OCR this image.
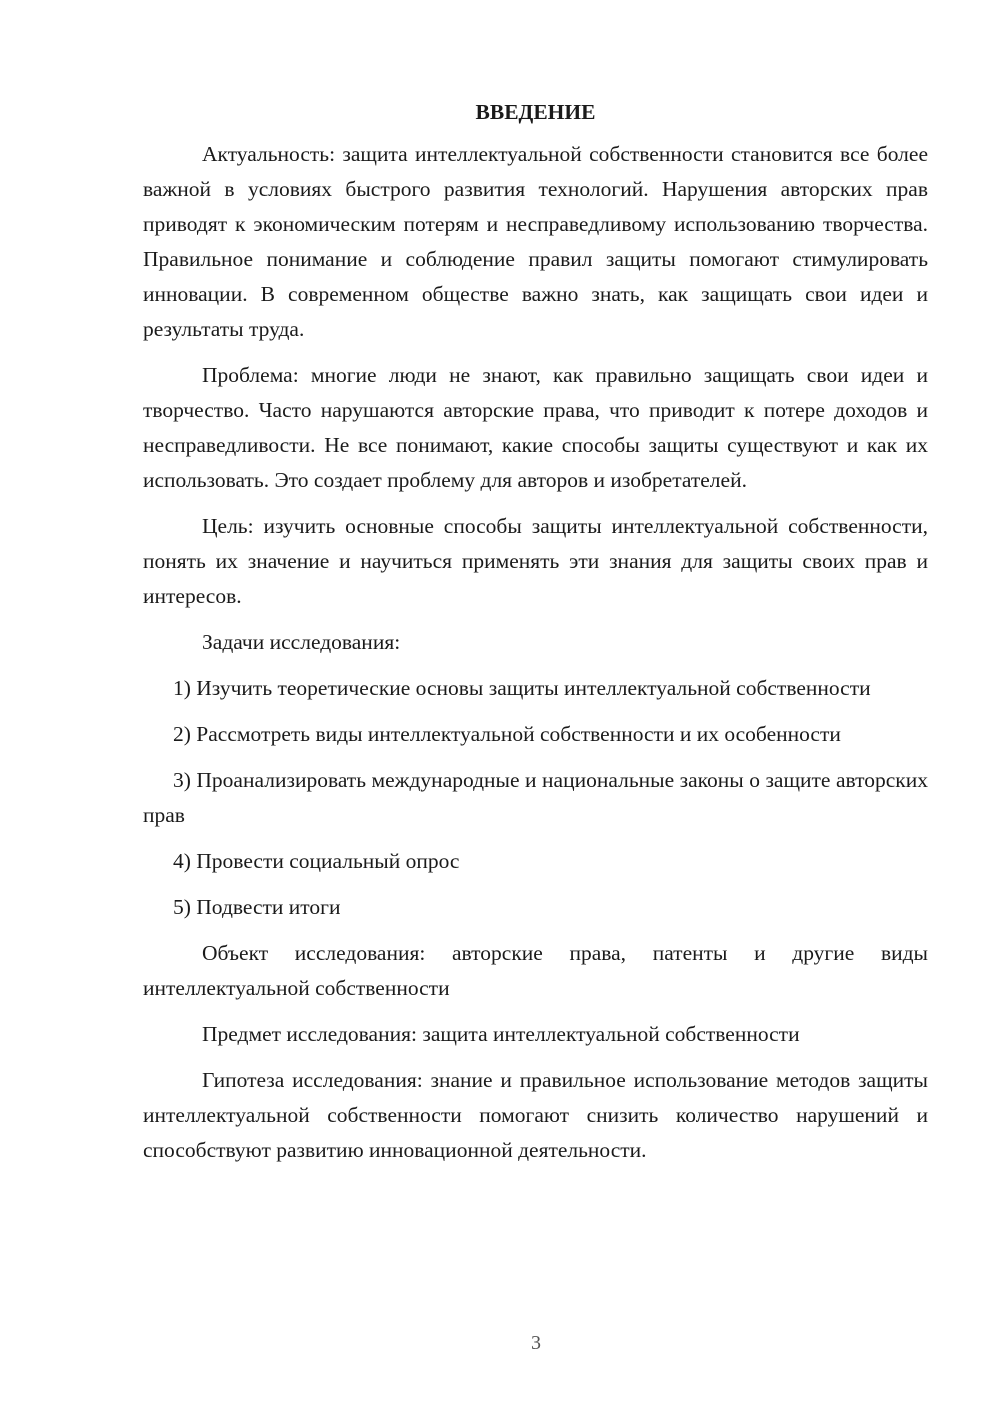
ВВЕДЕНИЕ

Актуальность: защита интеллектуальной собственности становится все более важной в условиях быстрого развития технологий. Нарушения авторских прав приводят к экономическим потерям и несправедливому использованию творчества. Правильное понимание и соблюдение правил защиты помогают стимулировать инновации. В современном обществе важно знать, как защищать свои идеи и результаты труда.

Проблема: многие люди не знают, как правильно защищать свои идеи и творчество. Часто нарушаются авторские права, что приводит к потере доходов и несправедливости. Не все понимают, какие способы защиты существуют и как их использовать. Это создает проблему для авторов и изобретателей.

Цель: изучить основные способы защиты интеллектуальной собственности, понять их значение и научиться применять эти знания для защиты своих прав и интересов.

Задачи исследования:

1) Изучить теоретические основы защиты интеллектуальной собственности

2) Рассмотреть виды интеллектуальной собственности и их особенности

3) Проанализировать международные и национальные законы о защите авторских прав

4) Провести социальный опрос

5) Подвести итоги

Объект исследования: авторские права, патенты и другие виды интеллектуальной собственности

Предмет исследования: защита интеллектуальной собственности

Гипотеза исследования: знание и правильное использование методов защиты интеллектуальной собственности помогают снизить количество нарушений и способствуют развитию инновационной деятельности.

3
